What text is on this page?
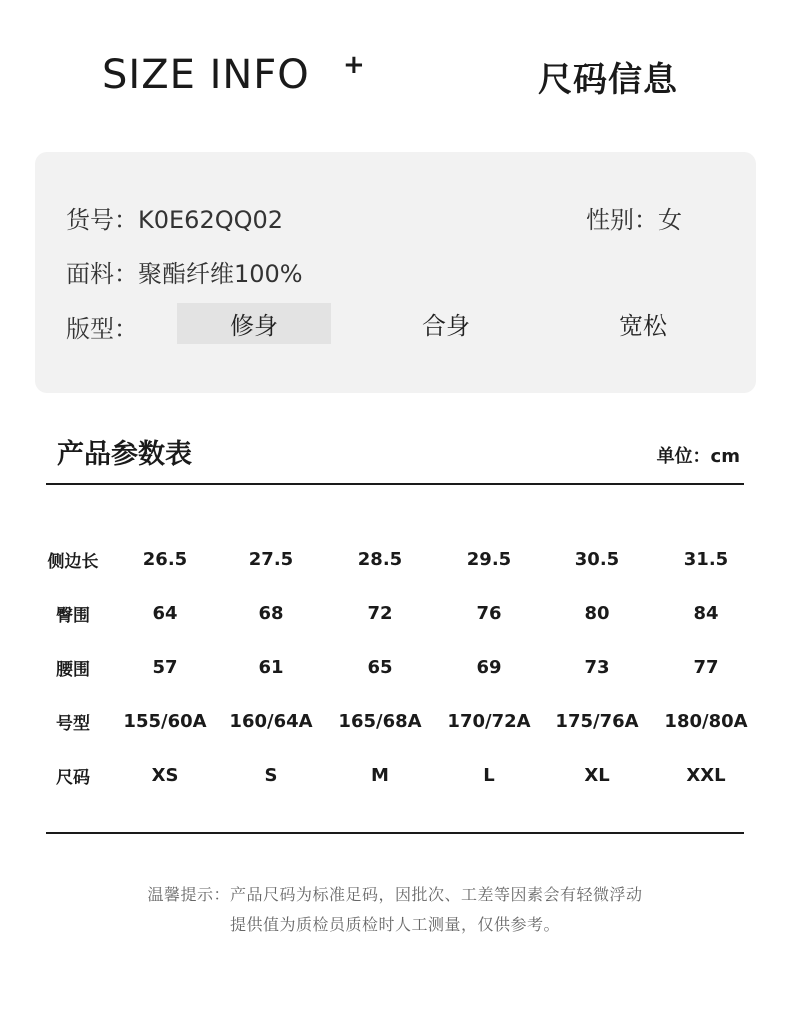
SIZE INFO +	尺码信息
货号：K0E62QQ02	性别：女
面料：聚酯纤维100%
版型：	修身	合身	宽松
产品参数表	单位：cm
侧边长	26.5	27.5	28.5	29.5	30.5	31.5
臀围	64	68	72	76	80	84
腰围	57	61	65	69	73	77
号型	155/60A	160/64A	165/68A	170/72A	175/76A	180/80A
尺码	XS	S	M	L	XL	XXL
温馨提示：产品尺码为标准足码，因批次、工差等因素会有轻微浮动
提供值为质检员质检时人工测量，仅供参考。
